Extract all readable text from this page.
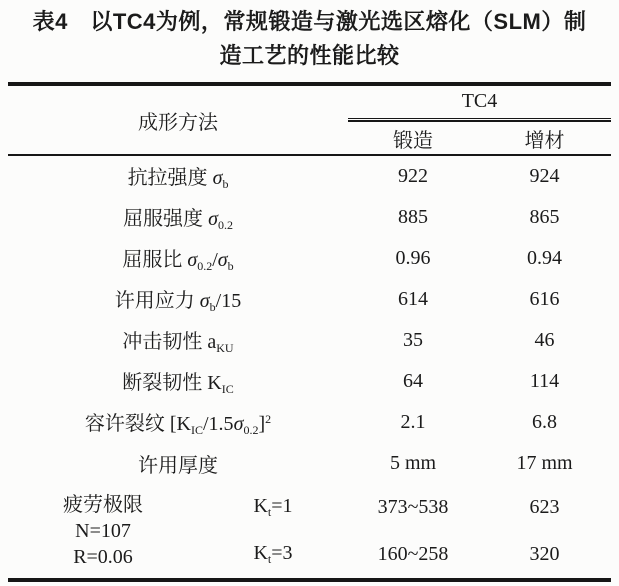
表4　以TC4为例，常规锻造与激光选区熔化（SLM）制
造工艺的性能比较
成形方法		TC4	

		锻造	增材
抗拉强度 $\sigma_b$		922	924
屈服强度 $\sigma_{0.2}$		885	865
屈服比 $\sigma_{0.2}/\sigma_b$		0.96	0.94
许用应力 $\sigma_b/15$		614	616
冲击韧性 $a_{KU}$		35	46
断裂韧性 $K_{IC}$		64	114
容许裂纹 $[K_{IC}/1.5\sigma_{0.2}]^2$		2.1	6.8
许用厚度		5 mm	17 mm

疲劳极限
N=107
R=0.06	$K_t=1$	373~538	623
	$K_t=3$	160~258	320
